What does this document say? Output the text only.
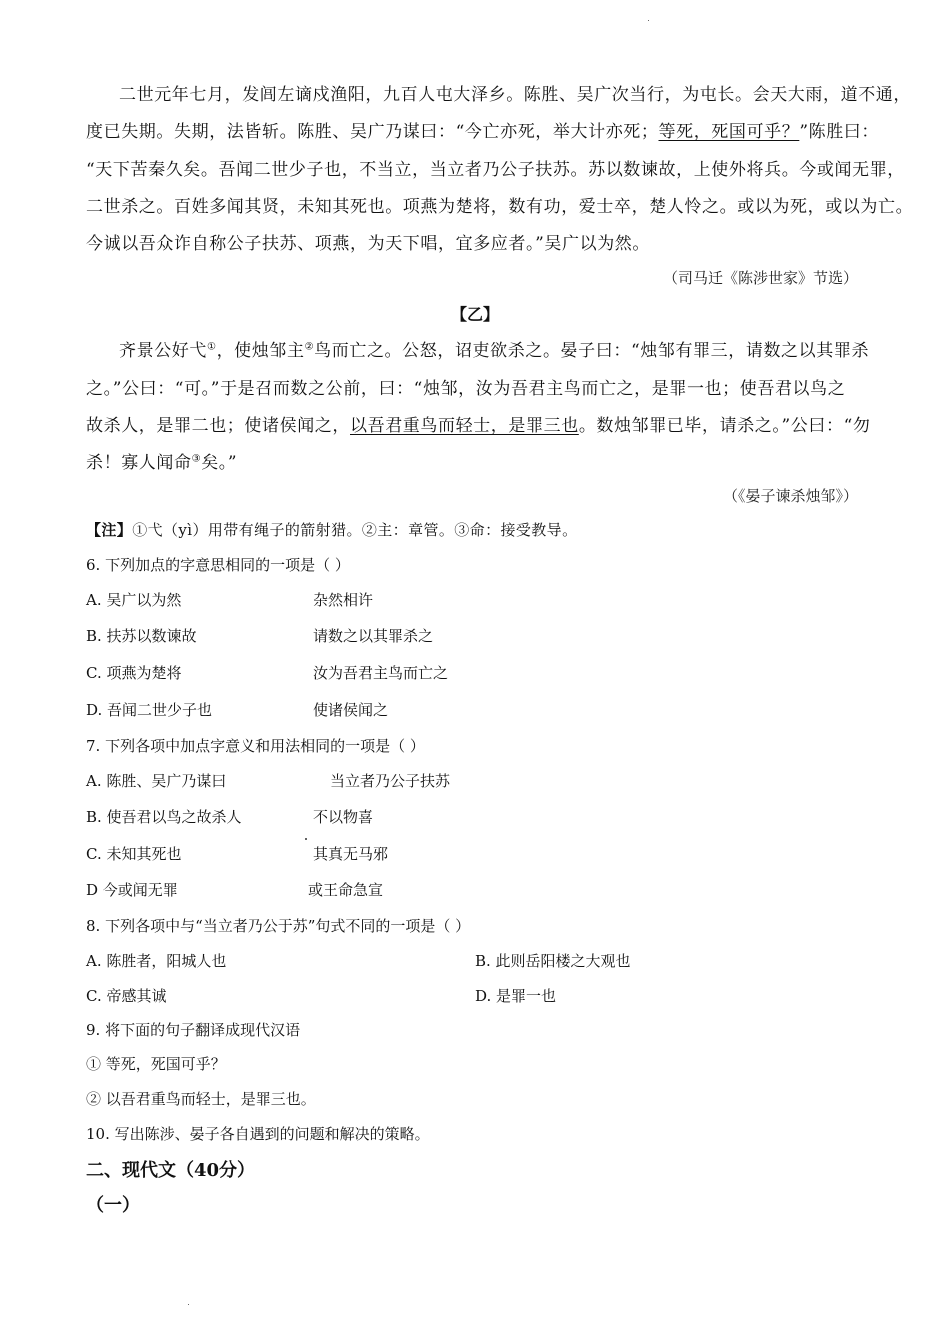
二世元年七月，发闾左谪戍渔阳，九百人屯大泽乡。陈胜、吴广次当行，为屯长。会天大雨，道不通，
度已失期。失期，法皆斩。陈胜、吴广乃谋曰：“今亡亦死，举大计亦死；等死，死国可乎？”陈胜曰：
“天下苦秦久矣。吾闻二世少子也，不当立，当立者乃公子扶苏。苏以数谏故，上使外将兵。今或闻无罪，
二世杀之。百姓多闻其贤，未知其死也。项燕为楚将，数有功，爱士卒，楚人怜之。或以为死，或以为亡。
今诚以吾众诈自称公子扶苏、项燕，为天下唱，宜多应者。”吴广以为然。
（司马迁《陈涉世家》节选）
【乙】
齐景公好弋①，使烛邹主②鸟而亡之。公怒，诏吏欲杀之。晏子曰：“烛邹有罪三，请数之以其罪杀
之。”公曰：“可。”于是召而数之公前，曰：“烛邹，汝为吾君主鸟而亡之，是罪一也；使吾君以鸟之
故杀人，是罪二也；使诸侯闻之，以吾君重鸟而轻士，是罪三也。数烛邹罪已毕，请杀之。”公曰：“勿
杀！寡人闻命③矣。”
（《晏子谏杀烛邹》）
【注】①弋（yì）用带有绳子的箭射猎。②主：章管。③命：接受教导。
6. 下列加点的字意思相同的一项是（ ）
A. 吴广以为然	杂然相许
B. 扶苏以数谏故	请数之以其罪杀之
C. 项燕为楚将	汝为吾君主鸟而亡之
D. 吾闻二世少子也	使诸侯闻之
7. 下列各项中加点字意义和用法相同的一项是（ ）
A. 陈胜、吴广乃谋曰	当立者乃公子扶苏
B. 使吾君以鸟之故杀人	不以物喜
C. 未知其死也	其真无马邪
D 今或闻无罪	或王命急宣
8. 下列各项中与“当立者乃公于苏”句式不同的一项是（ ）
A. 陈胜者，阳城人也	B. 此则岳阳楼之大观也
C. 帝感其诚	D. 是罪一也
9. 将下面的句子翻译成现代汉语
① 等死，死国可乎？
② 以吾君重鸟而轻士，是罪三也。
10. 写出陈涉、晏子各自遇到的问题和解决的策略。
二、现代文（40分）
（一）
